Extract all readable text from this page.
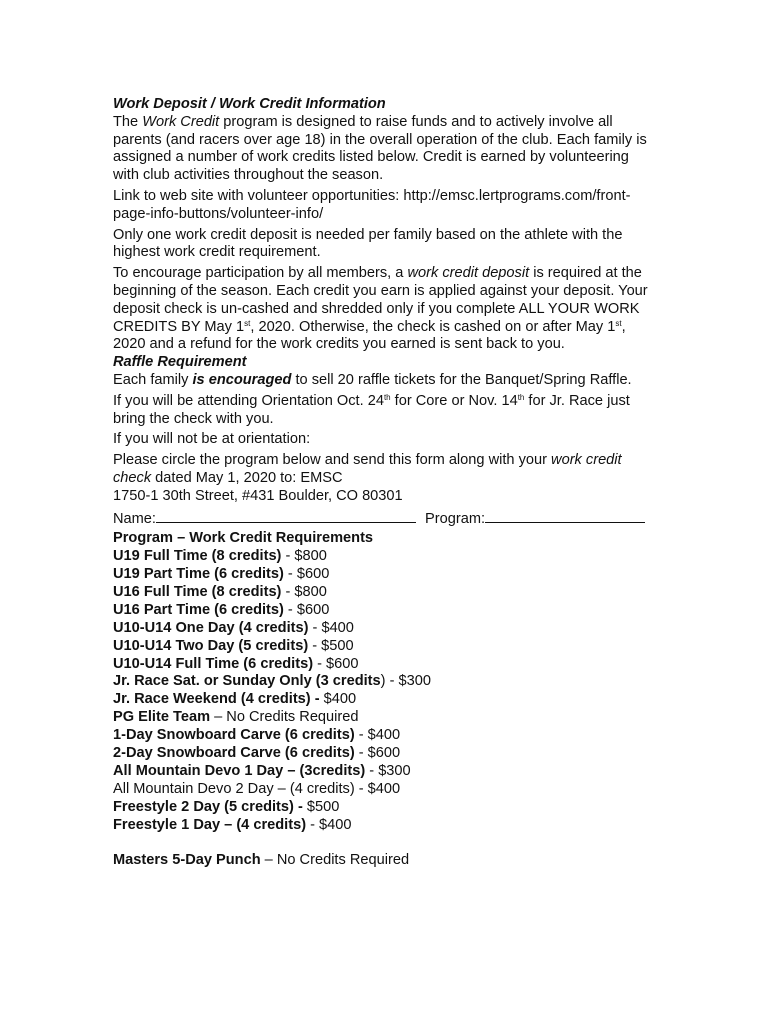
Work Deposit / Work Credit Information

The Work Credit program is designed to raise funds and to actively involve all parents (and racers over age 18) in the overall operation of the club. Each family is assigned a number of work credits listed below. Credit is earned by volunteering with club activities throughout the season.

Link to web site with volunteer opportunities: http://emsc.lertprograms.com/front-page-info-buttons/volunteer-info/

Only one work credit deposit is needed per family based on the athlete with the highest work credit requirement.

To encourage participation by all members, a work credit deposit is required at the beginning of the season. Each credit you earn is applied against your deposit. Your deposit check is un-cashed and shredded only if you complete ALL YOUR WORK CREDITS BY May 1st, 2020. Otherwise, the check is cashed on or after May 1st, 2020 and a refund for the work credits you earned is sent back to you.

Raffle Requirement

Each family is encouraged to sell 20 raffle tickets for the Banquet/Spring Raffle.

If you will be attending Orientation Oct. 24th for Core or Nov. 14th for Jr. Race just bring the check with you.

If you will not be at orientation:

Please circle the program below and send this form along with your work credit check dated May 1, 2020 to: EMSC

1750-1 30th Street, #431 Boulder, CO 80301

Name:	Program:

Program – Work Credit Requirements
U19 Full Time (8 credits) - $800
U19 Part Time (6 credits) - $600
U16 Full Time (8 credits) - $800
U16 Part Time (6 credits) - $600
U10-U14 One Day (4 credits) - $400
U10-U14 Two Day (5 credits) - $500
U10-U14 Full Time (6 credits) - $600
Jr. Race Sat. or Sunday Only (3 credits) - $300
Jr. Race Weekend (4 credits) - $400
PG Elite Team – No Credits Required
1-Day Snowboard Carve (6 credits) - $400
2-Day Snowboard Carve (6 credits) - $600
All Mountain Devo 1 Day – (3credits) - $300
All Mountain Devo 2 Day – (4 credits) - $400
Freestyle 2 Day (5 credits) - $500
Freestyle 1 Day – (4 credits) - $400
Masters 5-Day Punch – No Credits Required
